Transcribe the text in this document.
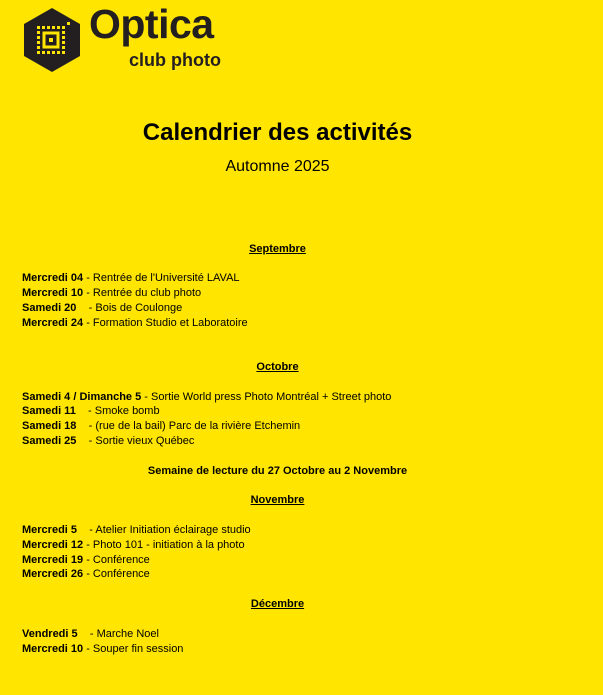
Optica
club photo
Calendrier des activités

Automne 2025

Septembre

Mercredi 04 - Rentrée de l'Université LAVAL

Mercredi 10 - Rentrée du club photo

Samedi 20    - Bois de Coulonge

Mercredi 24 - Formation Studio et Laboratoire

Octobre

Samedi 4 / Dimanche 5 - Sortie World press Photo Montréal + Street photo

Samedi 11    - Smoke bomb

Samedi 18    - (rue de la bail) Parc de la rivière Etchemin

Samedi 25    - Sortie vieux Québec

Semaine de lecture du 27 Octobre au 2 Novembre

Novembre

Mercredi 5    - Atelier Initiation éclairage studio

Mercredi 12 - Photo 101 - initiation à la photo

Mercredi 19 - Conférence

Mercredi 26 - Conférence

Décembre

Vendredi 5    - Marche Noel

Mercredi 10 - Souper fin session
